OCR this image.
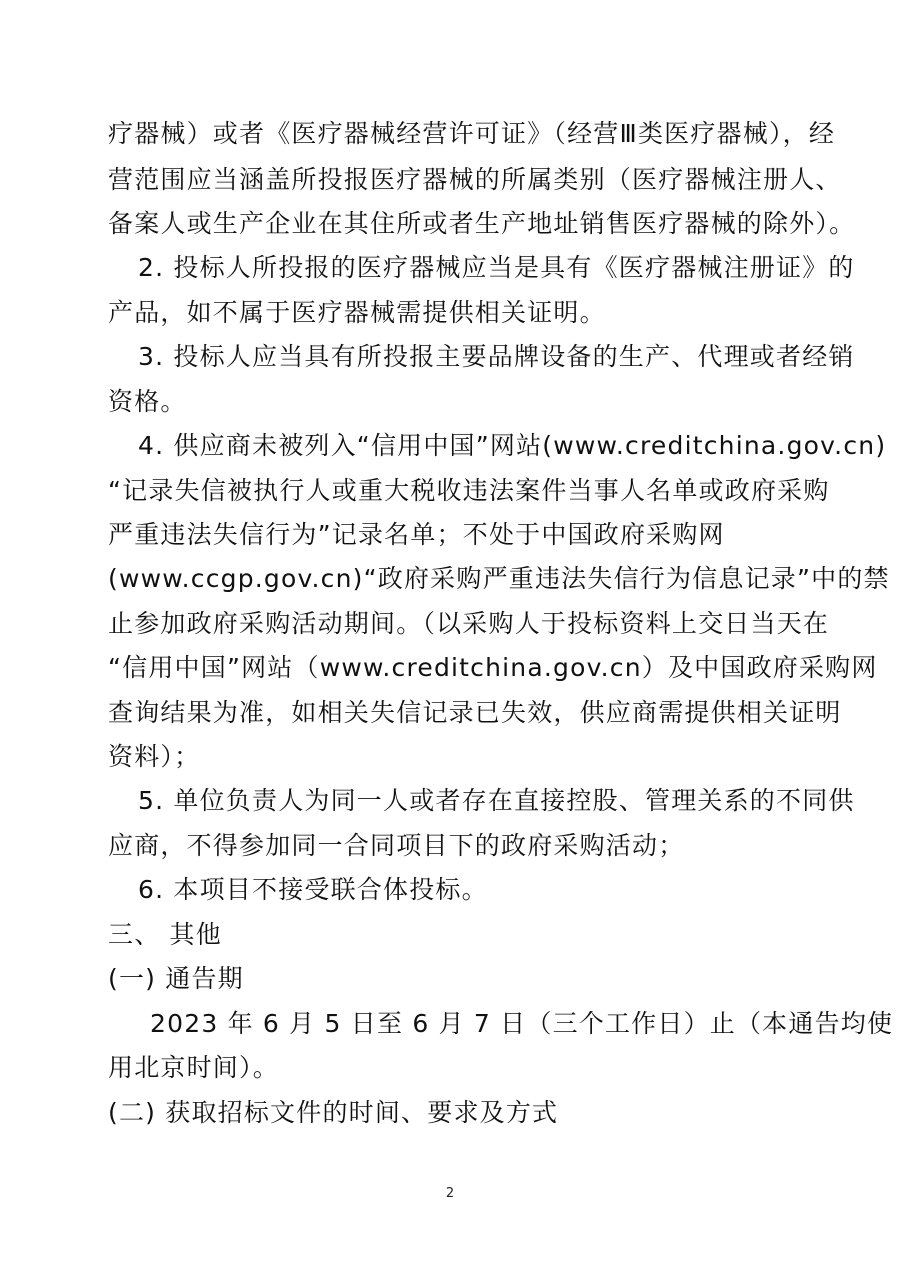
疗器械）或者《医疗器械经营许可证》（经营Ⅲ类医疗器械），经
营范围应当涵盖所投报医疗器械的所属类别（医疗器械注册人、
备案人或生产企业在其住所或者生产地址销售医疗器械的除外）。
2. 投标人所投报的医疗器械应当是具有《医疗器械注册证》的
产品，如不属于医疗器械需提供相关证明。
3. 投标人应当具有所投报主要品牌设备的生产、代理或者经销
资格。
4. 供应商未被列入“信用中国”网站(www.creditchina.gov.cn)
“记录失信被执行人或重大税收违法案件当事人名单或政府采购
严重违法失信行为”记录名单；不处于中国政府采购网
(www.ccgp.gov.cn)“政府采购严重违法失信行为信息记录”中的禁
止参加政府采购活动期间。（以采购人于投标资料上交日当天在
“信用中国”网站（www.creditchina.gov.cn）及中国政府采购网
查询结果为准，如相关失信记录已失效，供应商需提供相关证明
资料）；
5. 单位负责人为同一人或者存在直接控股、管理关系的不同供
应商，不得参加同一合同项目下的政府采购活动；
6. 本项目不接受联合体投标。
三、 其他
(一) 通告期
2023 年 6 月 5 日至 6 月 7 日（三个工作日）止（本通告均使
用北京时间）。
(二) 获取招标文件的时间、要求及方式
2
